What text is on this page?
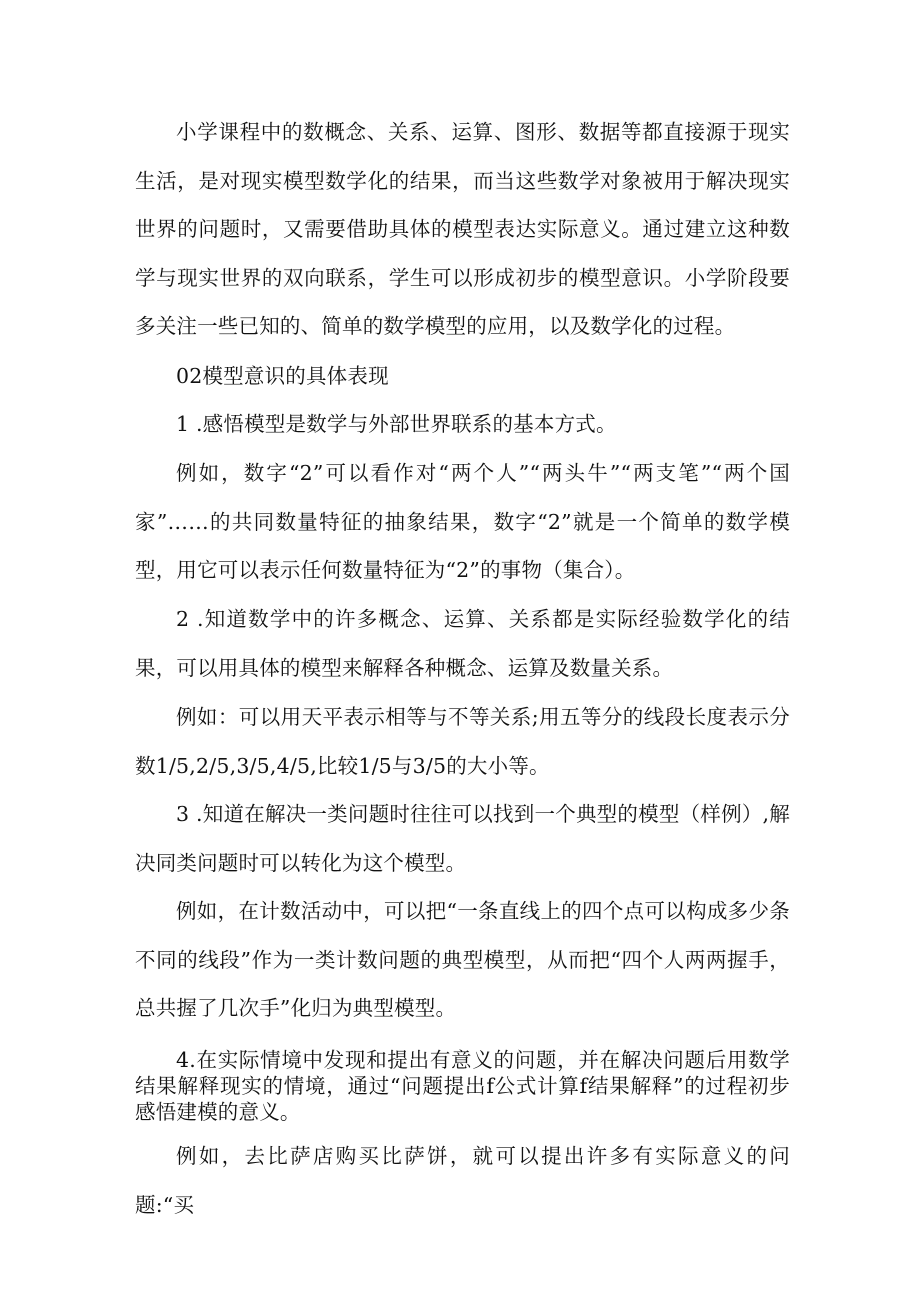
小学课程中的数概念、关系、运算、图形、数据等都直接源于现实生活，是对现实模型数学化的结果，而当这些数学对象被用于解决现实世界的问题时，又需要借助具体的模型表达实际意义。通过建立这种数学与现实世界的双向联系，学生可以形成初步的模型意识。小学阶段要多关注一些已知的、简单的数学模型的应用，以及数学化的过程。

02模型意识的具体表现

1 .感悟模型是数学与外部世界联系的基本方式。

例如，数字“2”可以看作对“两个人”“两头牛”“两支笔”“两个国家”……的共同数量特征的抽象结果，数字“2”就是一个简单的数学模型，用它可以表示任何数量特征为“2”的事物（集合）。

2 .知道数学中的许多概念、运算、关系都是实际经验数学化的结果，可以用具体的模型来解释各种概念、运算及数量关系。

例如：可以用天平表示相等与不等关系;用五等分的线段长度表示分数1/5,2/5,3/5,4/5,比较1/5与3/5的大小等。

3 .知道在解决一类问题时往往可以找到一个典型的模型（样例）,解决同类问题时可以转化为这个模型。

例如，在计数活动中，可以把“一条直线上的四个点可以构成多少条不同的线段”作为一类计数问题的典型模型，从而把“四个人两两握手，总共握了几次手”化归为典型模型。

4.在实际情境中发现和提出有意义的问题，并在解决问题后用数学结果解释现实的情境，通过“问题提出f公式计算f结果解释”的过程初步感悟建模的意义。

例如，去比萨店购买比萨饼，就可以提出许多有实际意义的问题:“买
